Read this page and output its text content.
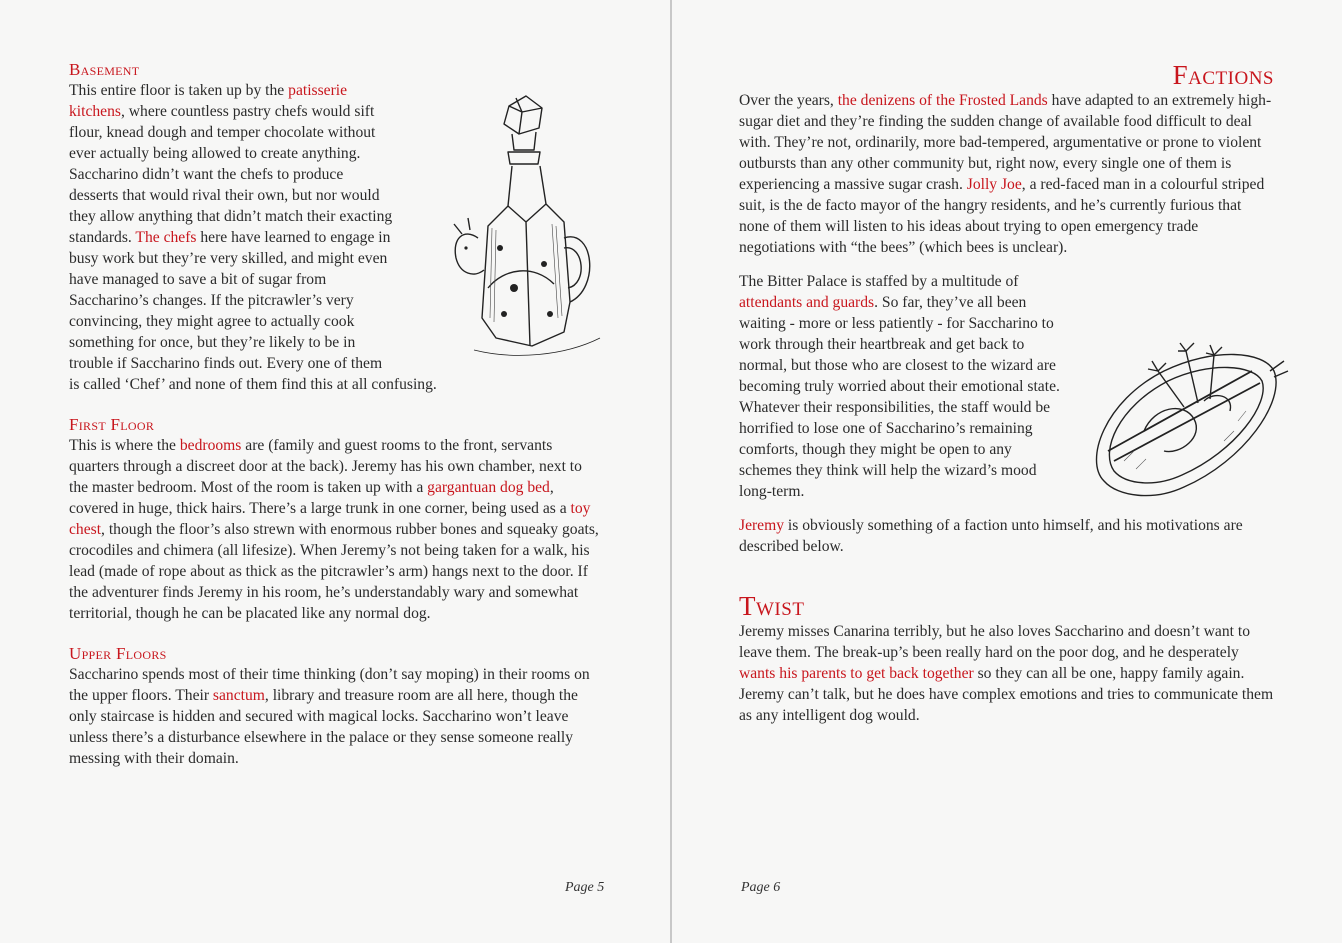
Basement

This entire floor is taken up by the patisserie kitchens, where countless pastry chefs would sift flour, knead dough and temper chocolate without ever actually being allowed to create anything. Saccharino didn’t want the chefs to produce desserts that would rival their own, but nor would they allow anything that didn’t match their exacting standards. The chefs here have learned to engage in busy work but they’re very skilled, and might even have managed to save a bit of sugar from Saccharino’s changes. If the pitcrawler’s very convincing, they might agree to actually cook something for once, but they’re likely to be in trouble if Saccharino finds out. Every one of them is called ‘Chef’ and none of them find this at all confusing.

First Floor

This is where the bedrooms are (family and guest rooms to the front, servants quarters through a discreet door at the back). Jeremy has his own chamber, next to the master bedroom. Most of the room is taken up with a gargantuan dog bed, covered in huge, thick hairs. There’s a large trunk in one corner, being used as a toy chest, though the floor’s also strewn with enormous rubber bones and squeaky goats, crocodiles and chimera (all lifesize). When Jeremy’s not being taken for a walk, his lead (made of rope about as thick as the pitcrawler’s arm) hangs next to the door. If the adventurer finds Jeremy in his room, he’s understandably wary and somewhat territorial, though he can be placated like any normal dog.

Upper Floors

Saccharino spends most of their time thinking (don’t say moping) in their rooms on the upper floors. Their sanctum, library and treasure room are all here, though the only staircase is hidden and secured with magical locks. Saccharino won’t leave unless there’s a disturbance elsewhere in the palace or they sense someone really messing with their domain.

Page 5
Factions

Over the years, the denizens of the Frosted Lands have adapted to an extremely high-sugar diet and they’re finding the sudden change of available food difficult to deal with. They’re not, ordinarily, more bad-tempered, argumentative or prone to violent outbursts than any other community but, right now, every single one of them is experiencing a massive sugar crash. Jolly Joe, a red-faced man in a colourful striped suit, is the de facto mayor of the hangry residents, and he’s currently furious that none of them will listen to his ideas about trying to open emergency trade negotiations with “the bees” (which bees is unclear).

The Bitter Palace is staffed by a multitude of attendants and guards. So far, they’ve all been waiting - more or less patiently - for Saccharino to work through their heartbreak and get back to normal, but those who are closest to the wizard are becoming truly worried about their emotional state. Whatever their responsibilities, the staff would be horrified to lose one of Saccharino’s remaining comforts, though they might be open to any schemes they think will help the wizard’s mood long-term.

Jeremy is obviously something of a faction unto himself, and his motivations are described below.

Twist

Jeremy misses Canarina terribly, but he also loves Saccharino and doesn’t want to leave them. The break-up’s been really hard on the poor dog, and he desperately wants his parents to get back together so they can all be one, happy family again. Jeremy can’t talk, but he does have complex emotions and tries to communicate them as any intelligent dog would.

Page 6
